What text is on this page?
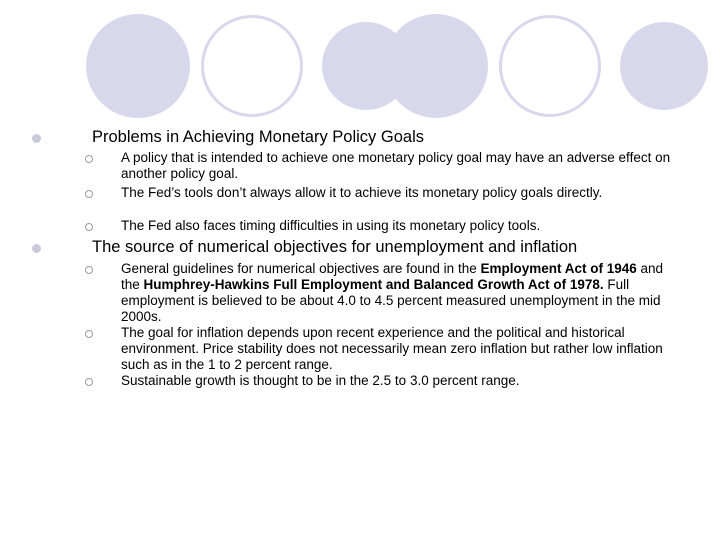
Problems in Achieving Monetary Policy Goals
A policy that is intended to achieve one monetary policy goal may have an adverse effect on another policy goal.
The Fed’s tools don’t always allow it to achieve its monetary policy goals directly.
The Fed also faces timing difficulties in using its monetary policy tools.
The source of numerical objectives for unemployment and inflation
General guidelines for numerical objectives are found in the Employment Act of 1946 and the Humphrey-Hawkins Full Employment and Balanced Growth Act of 1978. Full employment is believed to be about 4.0 to 4.5 percent measured unemployment in the mid 2000s.
The goal for inflation depends upon recent experience and the political and historical environment. Price stability does not necessarily mean zero inflation but rather low inflation such as in the 1 to 2 percent range.
Sustainable growth is thought to be in the 2.5 to 3.0 percent range.
